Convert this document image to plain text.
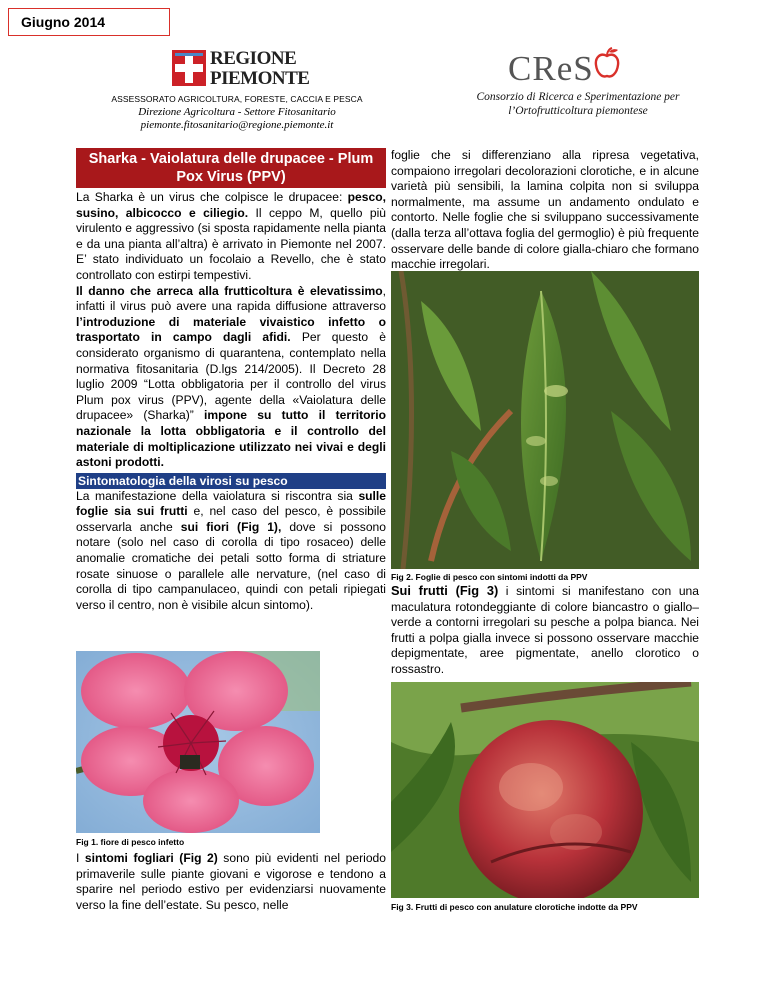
Giugno 2014
REGIONE
PIEMONTE
ASSESSORATO AGRICOLTURA, FORESTE, CACCIA E PESCA
Direzione Agricoltura - Settore Fitosanitario
piemonte.fitosanitario@regione.piemonte.it
CReS
Consorzio di Ricerca e Sperimentazione per
l’Ortofrutticoltura piemontese
Sharka - Vaiolatura delle drupacee - Plum
Pox Virus (PPV)

La Sharka è un virus che colpisce le drupacee: pesco, susino, albicocco e ciliegio. Il ceppo M, quello più virulento e aggressivo (si sposta rapidamente nella pianta e da una pianta all’altra) è arrivato in Piemonte nel 2007. E’ stato individuato un focolaio a Revello, che è stato controllato con estirpi tempestivi.

Il danno che arreca alla frutticoltura è elevatissimo, infatti il virus può avere una rapida diffusione attraverso l’introduzione di materiale vivaistico infetto o trasportato in campo dagli afidi. Per questo è considerato organismo di quarantena, contemplato nella normativa fitosanitaria (D.lgs 214/2005). Il Decreto 28 luglio 2009 “Lotta obbligatoria per il controllo del virus Plum pox virus (PPV), agente della «Vaiolatura delle drupacee» (Sharka)” impone su tutto il territorio nazionale la lotta obbligatoria e il controllo del materiale di moltiplicazione utilizzato nei vivai e degli astoni prodotti.

Sintomatologia della virosi su pesco

La manifestazione della vaiolatura si riscontra sia sulle foglie sia sui frutti e, nel caso del pesco, è possibile osservarla anche sui fiori (Fig 1), dove si possono notare (solo nel caso di corolla di tipo rosaceo) delle anomalie cromatiche dei petali sotto forma di striature rosate sinuose o parallele alle nervature, (nel caso di corolla di tipo campanulaceo, quindi con petali ripiegati verso il centro, non è visibile alcun sintomo).

Fig 1. fiore di pesco infetto

I sintomi fogliari (Fig 2) sono più evidenti nel periodo primaverile sulle piante giovani e vigorose e tendono a sparire nel periodo estivo per evidenziarsi nuovamente verso la fine dell’estate. Su pesco, nelle

foglie che si differenziano alla ripresa vegetativa, compaiono irregolari decolorazioni clorotiche, e in alcune varietà più sensibili, la lamina colpita non si sviluppa normalmente, ma assume un andamento ondulato e contorto. Nelle foglie che si sviluppano successivamente (dalla terza all’ottava foglia del germoglio) è più frequente osservare delle bande di colore gialla-chiaro che formano macchie irregolari.

Fig 2. Foglie di pesco con sintomi indotti da PPV

Sui frutti (Fig 3) i sintomi si manifestano con una maculatura rotondeggiante di colore biancastro o giallo–verde a contorni irregolari su pesche a polpa bianca. Nei frutti a polpa gialla invece si possono osservare macchie depigmentate, aree pigmentate, anello clorotico o rossastro.

Fig 3. Frutti di pesco con anulature clorotiche indotte da PPV
